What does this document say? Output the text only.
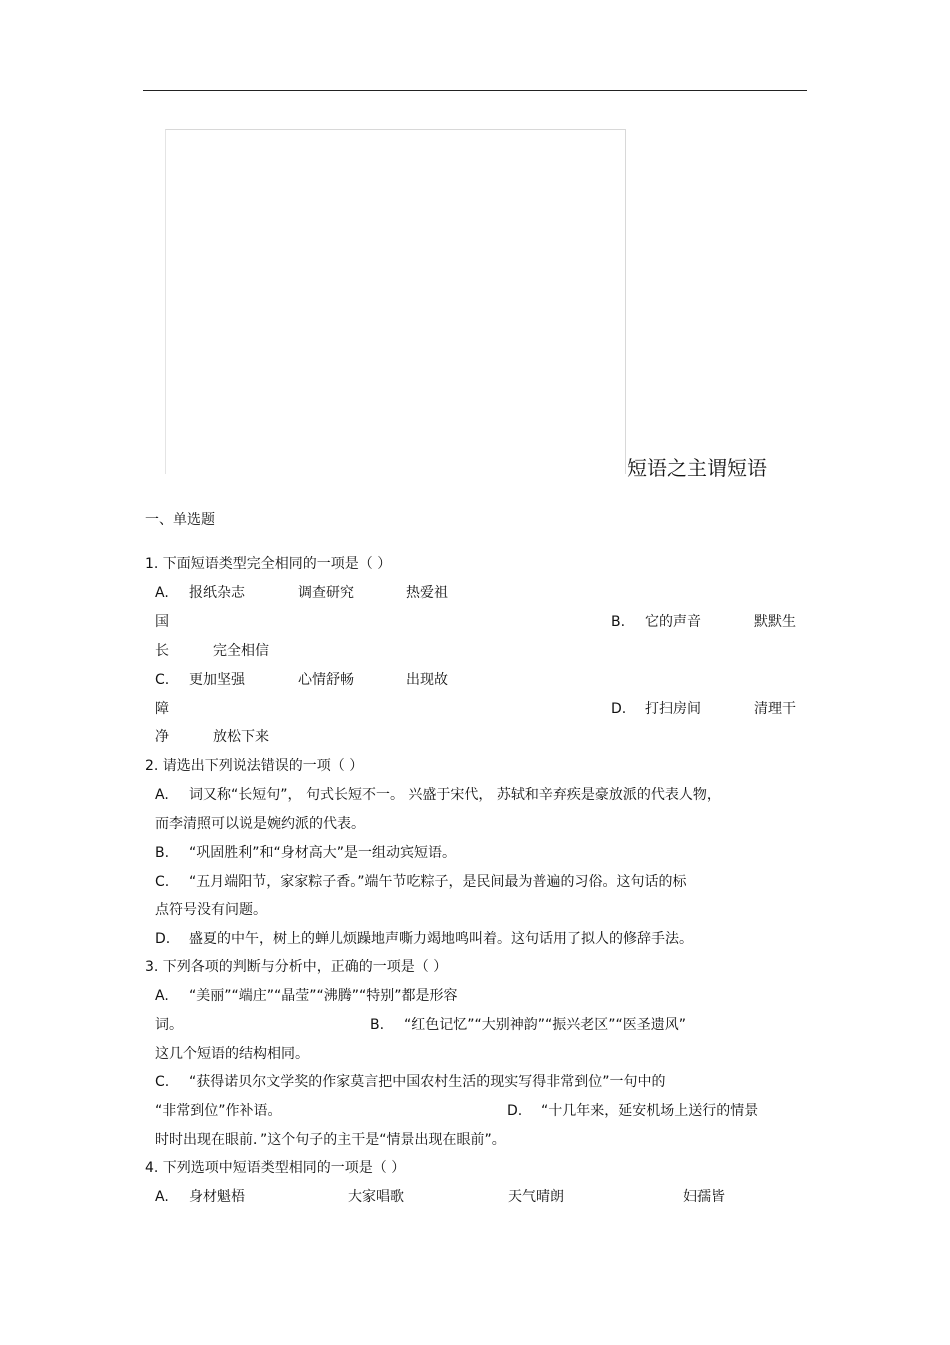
短语之主谓短语
一、单选题
1. 下面短语类型完全相同的一项是（ ）
A. 报纸杂志	调查研究	热爱祖
国	B. 它的声音	默默生
长	完全相信
C. 更加坚强	心情舒畅	出现故
障	D. 打扫房间	清理干
净	放松下来
2. 请选出下列说法错误的一项（ ）
A. 词又称“长短句”， 句式长短不一。 兴盛于宋代， 苏轼和辛弃疾是豪放派的代表人物，
而李清照可以说是婉约派的代表。
B. “巩固胜利”和“身材高大”是一组动宾短语。
C. “五月端阳节，家家粽子香。”端午节吃粽子，是民间最为普遍的习俗。这句话的标
点符号没有问题。
D. 盛夏的中午，树上的蝉儿烦躁地声嘶力竭地鸣叫着。这句话用了拟人的修辞手法。
3. 下列各项的判断与分析中，正确的一项是（ ）
A. “美丽”“端庄”“晶莹”“沸腾”“特别”都是形容
词。	B. “红色记忆”“大别神韵”“振兴老区”“医圣遗风”
这几个短语的结构相同。
C. “获得诺贝尔文学奖的作家莫言把中国农村生活的现实写得非常到位”一句中的
“非常到位”作补语。	D. “十几年来，延安机场上送行的情景
时时出现在眼前．”这个句子的主干是“情景出现在眼前”。
4. 下列选项中短语类型相同的一项是（ ）
A. 身材魁梧	大家唱歌	天气晴朗	妇孺皆
